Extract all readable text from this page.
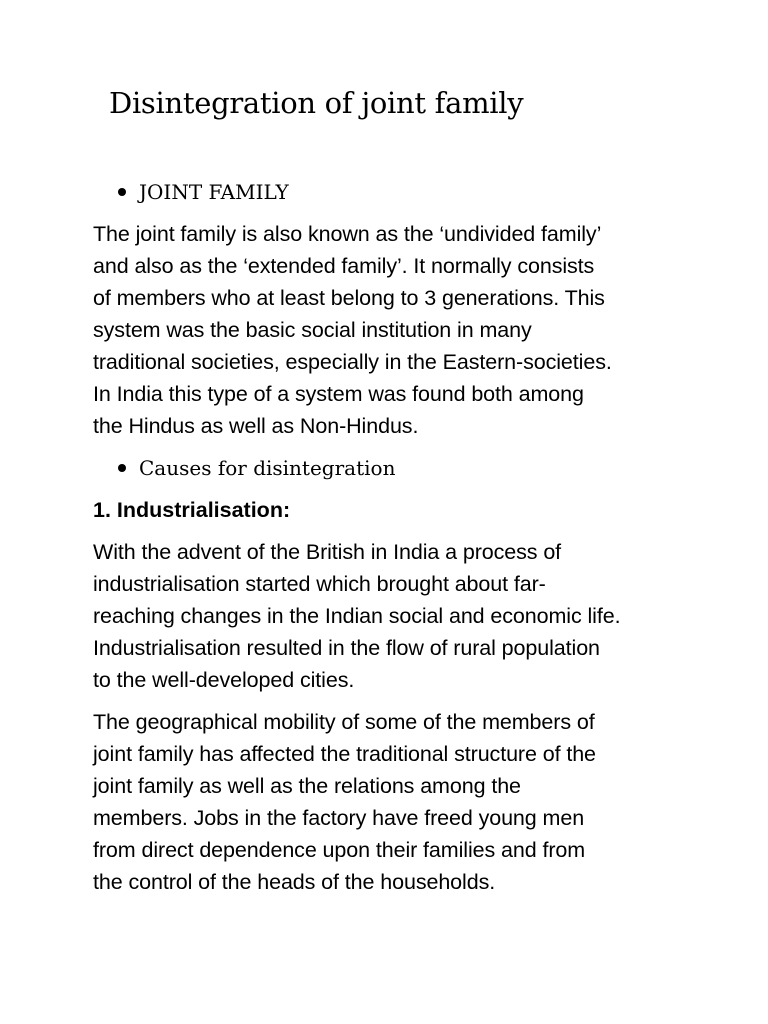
Disintegration of joint family
JOINT FAMILY

The joint family is also known as the ‘undivided family’
and also as the ‘extended family’. It normally consists
of members who at least belong to 3 generations. This
system was the basic social institution in many
traditional societies, especially in the Eastern-societies.
In India this type of a system was found both among
the Hindus as well as Non-Hindus.

Causes for disintegration
1. Industrialisation:

With the advent of the British in India a process of
industrialisation started which brought about far-
reaching changes in the Indian social and economic life.
Industrialisation resulted in the flow of rural population
to the well-developed cities.

The geographical mobility of some of the members of
joint family has affected the traditional structure of the
joint family as well as the relations among the
members. Jobs in the factory have freed young men
from direct dependence upon their families and from
the control of the heads of the households.
